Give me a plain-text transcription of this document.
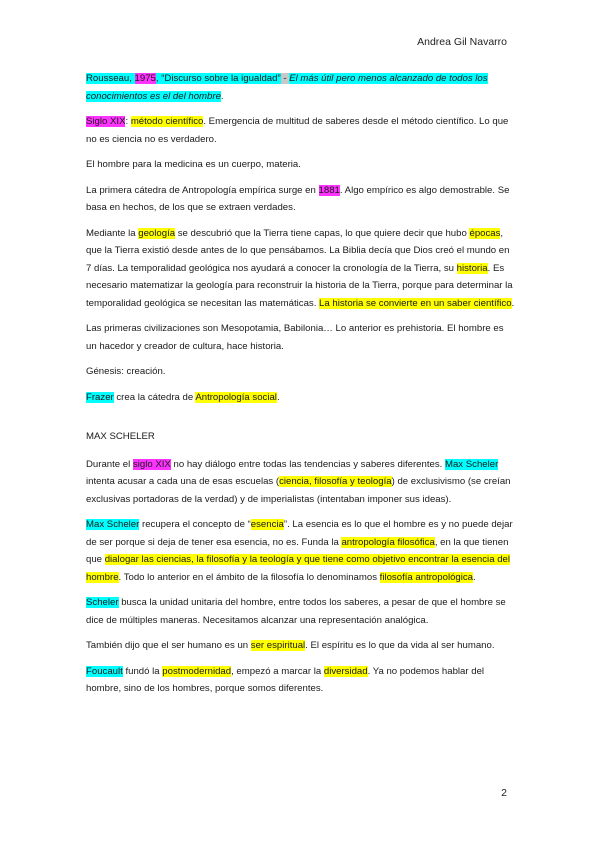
Andrea Gil Navarro

Rousseau, 1975, “Discurso sobre la igualdad” - El más útil pero menos alcanzado de todos los conocimientos es el del hombre.

Siglo XIX: método científico. Emergencia de multitud de saberes desde el método científico. Lo que no es ciencia no es verdadero.

El hombre para la medicina es un cuerpo, materia.

La primera cátedra de Antropología empírica surge en 1881. Algo empírico es algo demostrable. Se basa en hechos, de los que se extraen verdades.

Mediante la geología se descubrió que la Tierra tiene capas, lo que quiere decir que hubo épocas, que la Tierra existió desde antes de lo que pensábamos. La Biblia decía que Dios creó el mundo en 7 días. La temporalidad geológica nos ayudará a conocer la cronología de la Tierra, su historia. Es necesario matematizar la geología para reconstruir la historia de la Tierra, porque para determinar la temporalidad geológica se necesitan las matemáticas. La historia se convierte en un saber científico.

Las primeras civilizaciones son Mesopotamia, Babilonia… Lo anterior es prehistoria. El hombre es un hacedor y creador de cultura, hace historia.

Génesis: creación.

Frazer crea la cátedra de Antropología social.

MAX SCHELER

Durante el siglo XIX no hay diálogo entre todas las tendencias y saberes diferentes. Max Scheler intenta acusar a cada una de esas escuelas (ciencia, filosofía y teología) de exclusivismo (se creían exclusivas portadoras de la verdad) y de imperialistas (intentaban imponer sus ideas).

Max Scheler recupera el concepto de “esencia”. La esencia es lo que el hombre es y no puede dejar de ser porque si deja de tener esa esencia, no es. Funda la antropología filosófica, en la que tienen que dialogar las ciencias, la filosofía y la teología y que tiene como objetivo encontrar la esencia del hombre. Todo lo anterior en el ámbito de la filosofía lo denominamos filosofía antropológica.

Scheler busca la unidad unitaria del hombre, entre todos los saberes, a pesar de que el hombre se dice de múltiples maneras. Necesitamos alcanzar una representación analógica.

También dijo que el ser humano es un ser espiritual. El espíritu es lo que da vida al ser humano.

Foucault fundó la postmodernidad, empezó a marcar la diversidad. Ya no podemos hablar del hombre, sino de los hombres, porque somos diferentes.

2
